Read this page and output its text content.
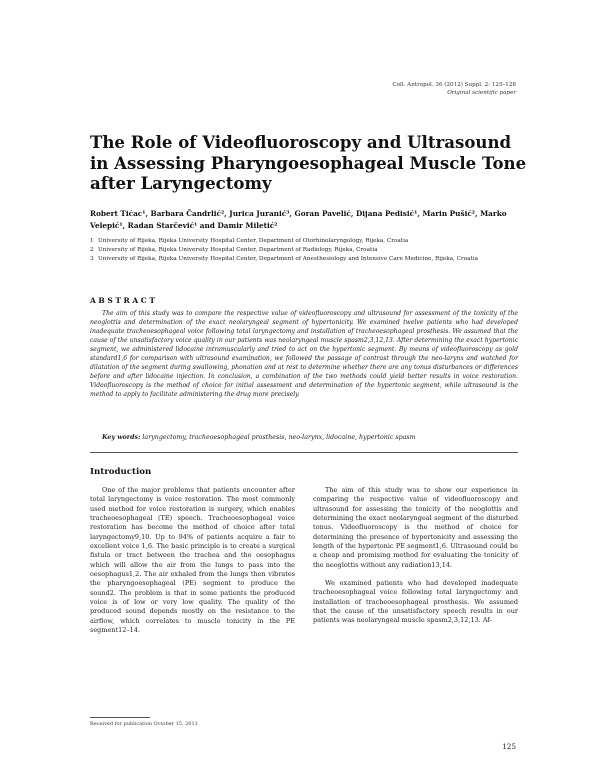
Coll. Antropol. 36 (2012) Suppl. 2: 125–128
Original scientific paper
The Role of Videofluoroscopy and Ultrasound in Assessing Pharyngoesophageal Muscle Tone after Laryngectomy
Robert Tićac¹, Barbara Čandrlić², Jurica Juranić³, Goran Pavelić, Dijana Pedisić¹, Marin Pušić², Marko Velepić¹, Radan Starčević¹ and Damir Miletić²
1 University of Rijeka, Rijeka University Hospital Center, Department of Otorhinolaryngology, Rijeka, Croatia
2 University of Rijeka, Rijeka University Hospital Center, Department of Radiology, Rijeka, Croatia
3 University of Rijeka, Rijeka University Hospital Center, Department of Anesthesiology and Intensive Care Medicine, Rijeka, Croatia
ABSTRACT

The aim of this study was to compare the respective value of videofluoroscopy and ultrasound for assessment of the tonicity of the neoglottis and determination of the exact neolaryngeal segment of hypertonicity. We examined twelve patients who had developed inadequate tracheoesophageal voice following total laryngectomy and installation of tracheoesophageal prosthesis. We assumed that the cause of the unsatisfactory voice quality in our patients was neolaryngeal muscle spasm2,3,12,13. After determining the exact hypertonic segment, we administered lidocaine intramuscularly and tried to act on the hypertonic segment. By means of videofluoroscopy as gold standard1,6 for comparison with ultrasound examination, we followed the passage of contrast through the neo-larynx and watched for dilatation of the segment during swallowing, phonation and at rest to determine whether there are any tonus disturbances or differences before and after lidocaine injection. In conclusion, a combination of the two methods could yield better results in voice restoration. Videofluoroscopy is the method of choice for initial assessment and determination of the hypertonic segment, while ultrasound is the method to apply to facilitate administering the drug more precisely.

Key words: laryngectomy, tracheoesophageal prosthesis, neo-larynx, lidocaine, hypertonic spasm
Introduction

One of the major problems that patients encounter after total laryngectomy is voice restoration. The most commonly used method for voice restoration is surgery, which enables tracheoesophageal (TE) speech. Tracheoesophageal voice restoration has become the method of choice after total laryngectomy9,10. Up to 94% of patients acquire a fair to excellent voice 1,6. The basic principle is to create a surgical fistula or tract between the trachea and the oesophagus which will allow the air from the lungs to pass into the oesophagus1,2. The air exhaled from the lungs then vibrates the pharyngoesophageal (PE) segment to produce the sound2. The problem is that in some patients the produced voice is of low or very low quality. The quality of the produced sound depends mostly on the resistance to the airflow, which correlates to muscle tonicity in the PE segment12–14.

The aim of this study was to show our experience in comparing the respective value of videofluoroscopy and ultrasound for assessing the tonicity of the neoglottis and determining the exact neolaryngeal segment of the disturbed tonus. Videofluoroscopy is the method of choice for determining the presence of hypertonicity and assessing the length of the hypertonic PE segment1,6. Ultrasound could be a cheap and promising method for evaluating the tonicity of the neoglottis without any radiation13,14.

We examined patients who had developed inadequate tracheoesophageal voice following total laryngectomy and installation of tracheoesophageal prosthesis. We assumed that the cause of the unsatisfactory speech results in our patients was neolaryngeal muscle spasm2,3,12,13. Af-

Received for publication October 15, 2011
125
